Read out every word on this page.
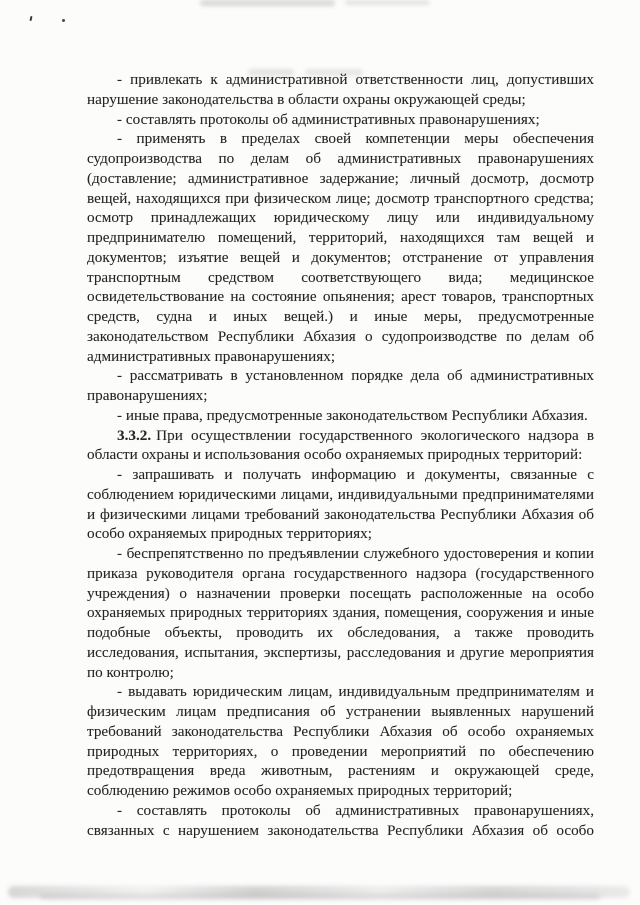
- привлекать к административной ответственности лиц, допустивших нарушение законодательства в области охраны окружающей среды;

- составлять протоколы об административных правонарушениях;

- применять в пределах своей компетенции меры обеспечения судопроизводства по делам об административных правонарушениях (доставление; административное задержание; личный досмотр, досмотр вещей, находящихся при физическом лице; досмотр транспортного средства; осмотр принадлежащих юридическому лицу или индивидуальному предпринимателю помещений, территорий, находящихся там вещей и документов; изъятие вещей и документов; отстранение от управления транспортным средством соответствующего вида; медицинское освидетельствование на состояние опьянения; арест товаров, транспортных средств, судна и иных вещей.) и иные меры, предусмотренные законодательством Республики Абхазия о судопроизводстве по делам об административных правонарушениях;

- рассматривать в установленном порядке дела об административных правонарушениях;

- иные права, предусмотренные законодательством Республики Абхазия.

3.3.2. При осуществлении государственного экологического надзора в области охраны и использования особо охраняемых природных территорий:

- запрашивать и получать информацию и документы, связанные с соблюдением юридическими лицами, индивидуальными предпринимателями и физическими лицами требований законодательства Республики Абхазия об особо охраняемых природных территориях;

- беспрепятственно по предъявлении служебного удостоверения и копии приказа руководителя органа государственного надзора (государственного учреждения) о назначении проверки посещать расположенные на особо охраняемых природных территориях здания, помещения, сооружения и иные подобные объекты, проводить их обследования, а также проводить исследования, испытания, экспертизы, расследования и другие мероприятия по контролю;

- выдавать юридическим лицам, индивидуальным предпринимателям и физическим лицам предписания об устранении выявленных нарушений требований законодательства Республики Абхазия об особо охраняемых природных территориях, о проведении мероприятий по обеспечению предотвращения вреда животным, растениям и окружающей среде, соблюдению режимов особо охраняемых природных территорий;

- составлять протоколы об административных правонарушениях, связанных с нарушением законодательства Республики Абхазия об особо
